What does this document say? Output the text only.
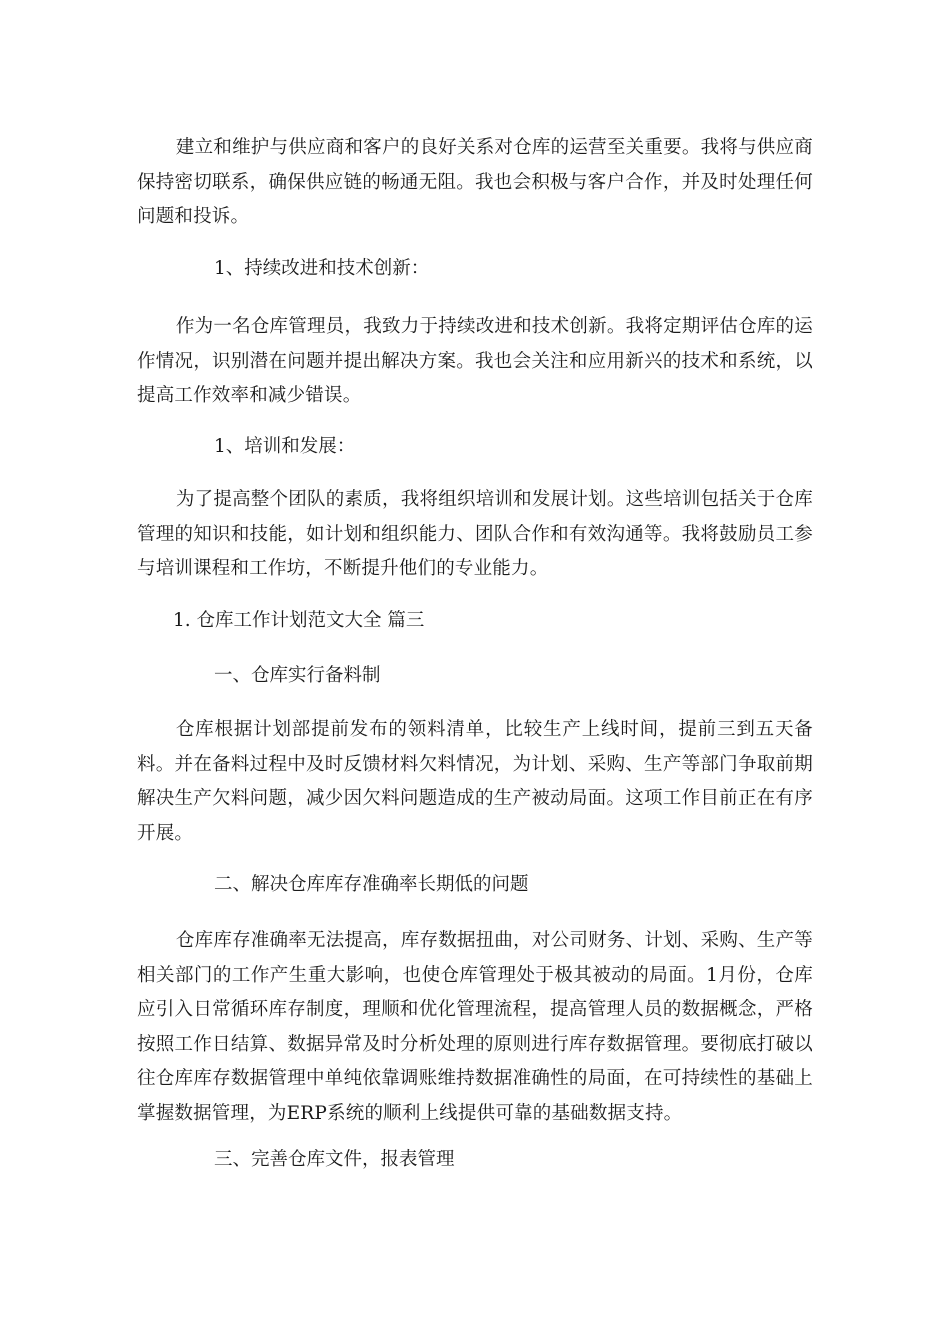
建立和维护与供应商和客户的良好关系对仓库的运营至关重要。我将与供应商保持密切联系，确保供应链的畅通无阻。我也会积极与客户合作，并及时处理任何问题和投诉。

1、持续改进和技术创新：

作为一名仓库管理员，我致力于持续改进和技术创新。我将定期评估仓库的运作情况，识别潜在问题并提出解决方案。我也会关注和应用新兴的技术和系统，以提高工作效率和减少错误。

1、培训和发展：

为了提高整个团队的素质，我将组织培训和发展计划。这些培训包括关于仓库管理的知识和技能，如计划和组织能力、团队合作和有效沟通等。我将鼓励员工参与培训课程和工作坊，不断提升他们的专业能力。

1. 仓库工作计划范文大全 篇三

一、仓库实行备料制

仓库根据计划部提前发布的领料清单，比较生产上线时间，提前三到五天备料。并在备料过程中及时反馈材料欠料情况，为计划、采购、生产等部门争取前期解决生产欠料问题，减少因欠料问题造成的生产被动局面。这项工作目前正在有序开展。

二、解决仓库库存准确率长期低的问题

仓库库存准确率无法提高，库存数据扭曲，对公司财务、计划、采购、生产等相关部门的工作产生重大影响，也使仓库管理处于极其被动的局面。1月份，仓库应引入日常循环库存制度，理顺和优化管理流程，提高管理人员的数据概念，严格按照工作日结算、数据异常及时分析处理的原则进行库存数据管理。要彻底打破以往仓库库存数据管理中单纯依靠调账维持数据准确性的局面，在可持续性的基础上掌握数据管理，为ERP系统的顺利上线提供可靠的基础数据支持。

三、完善仓库文件，报表管理
